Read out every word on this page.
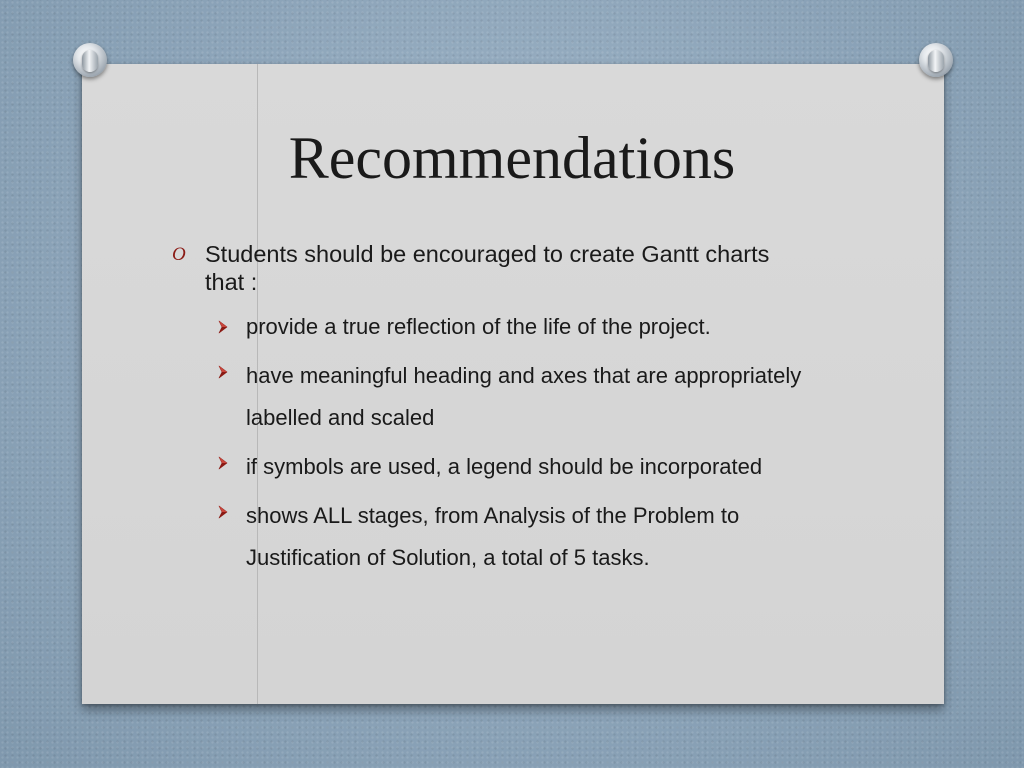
Recommendations
O Students should be encouraged to create Gantt charts that :
provide a true reflection of the life of the project.
have meaningful heading and axes that are appropriately labelled and scaled
if symbols are used, a legend should be incorporated
shows ALL stages, from Analysis of the Problem to Justification of Solution, a total of 5 tasks.
